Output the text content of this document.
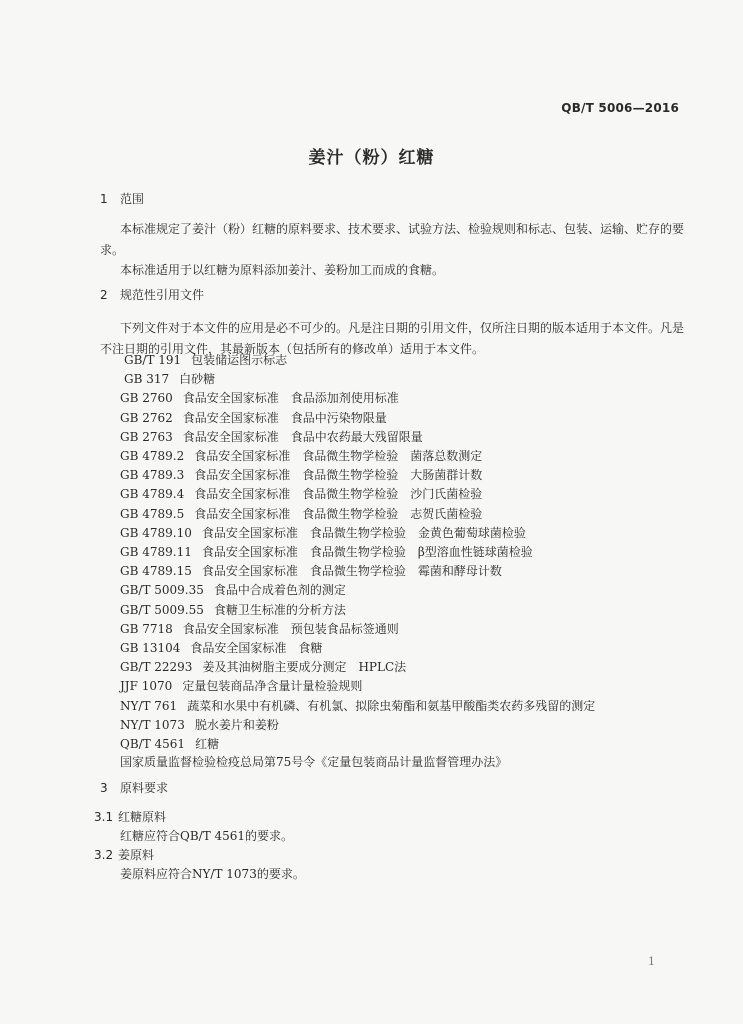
QB/T 5006—2016
姜汁（粉）红糖
1 范围
本标准规定了姜汁（粉）红糖的原料要求、技术要求、试验方法、检验规则和标志、包装、运输、贮存的要求。
本标准适用于以红糖为原料添加姜汁、姜粉加工而成的食糖。
2 规范性引用文件
下列文件对于本文件的应用是必不可少的。凡是注日期的引用文件，仅所注日期的版本适用于本文件。凡是不注日期的引用文件，其最新版本（包括所有的修改单）适用于本文件。
GB/T 191 包装储运图示标志
GB 317 白砂糖
GB 2760 食品安全国家标准　食品添加剂使用标准
GB 2762 食品安全国家标准　食品中污染物限量
GB 2763 食品安全国家标准　食品中农药最大残留限量
GB 4789.2 食品安全国家标准　食品微生物学检验　菌落总数测定
GB 4789.3 食品安全国家标准　食品微生物学检验　大肠菌群计数
GB 4789.4 食品安全国家标准　食品微生物学检验　沙门氏菌检验
GB 4789.5 食品安全国家标准　食品微生物学检验　志贺氏菌检验
GB 4789.10 食品安全国家标准　食品微生物学检验　金黄色葡萄球菌检验
GB 4789.11 食品安全国家标准　食品微生物学检验　β型溶血性链球菌检验
GB 4789.15 食品安全国家标准　食品微生物学检验　霉菌和酵母计数
GB/T 5009.35 食品中合成着色剂的测定
GB/T 5009.55 食糖卫生标准的分析方法
GB 7718 食品安全国家标准　预包装食品标签通则
GB 13104 食品安全国家标准　食糖
GB/T 22293 姜及其油树脂主要成分测定　HPLC法
JJF 1070 定量包装商品净含量计量检验规则
NY/T 761 蔬菜和水果中有机磷、有机氯、拟除虫菊酯和氨基甲酸酯类农药多残留的测定
NY/T 1073 脱水姜片和姜粉
QB/T 4561 红糖
国家质量监督检验检疫总局第75号令《定量包装商品计量监督管理办法》
3 原料要求
3.1 红糖原料
红糖应符合QB/T 4561的要求。
3.2 姜原料
姜原料应符合NY/T 1073的要求。
1
